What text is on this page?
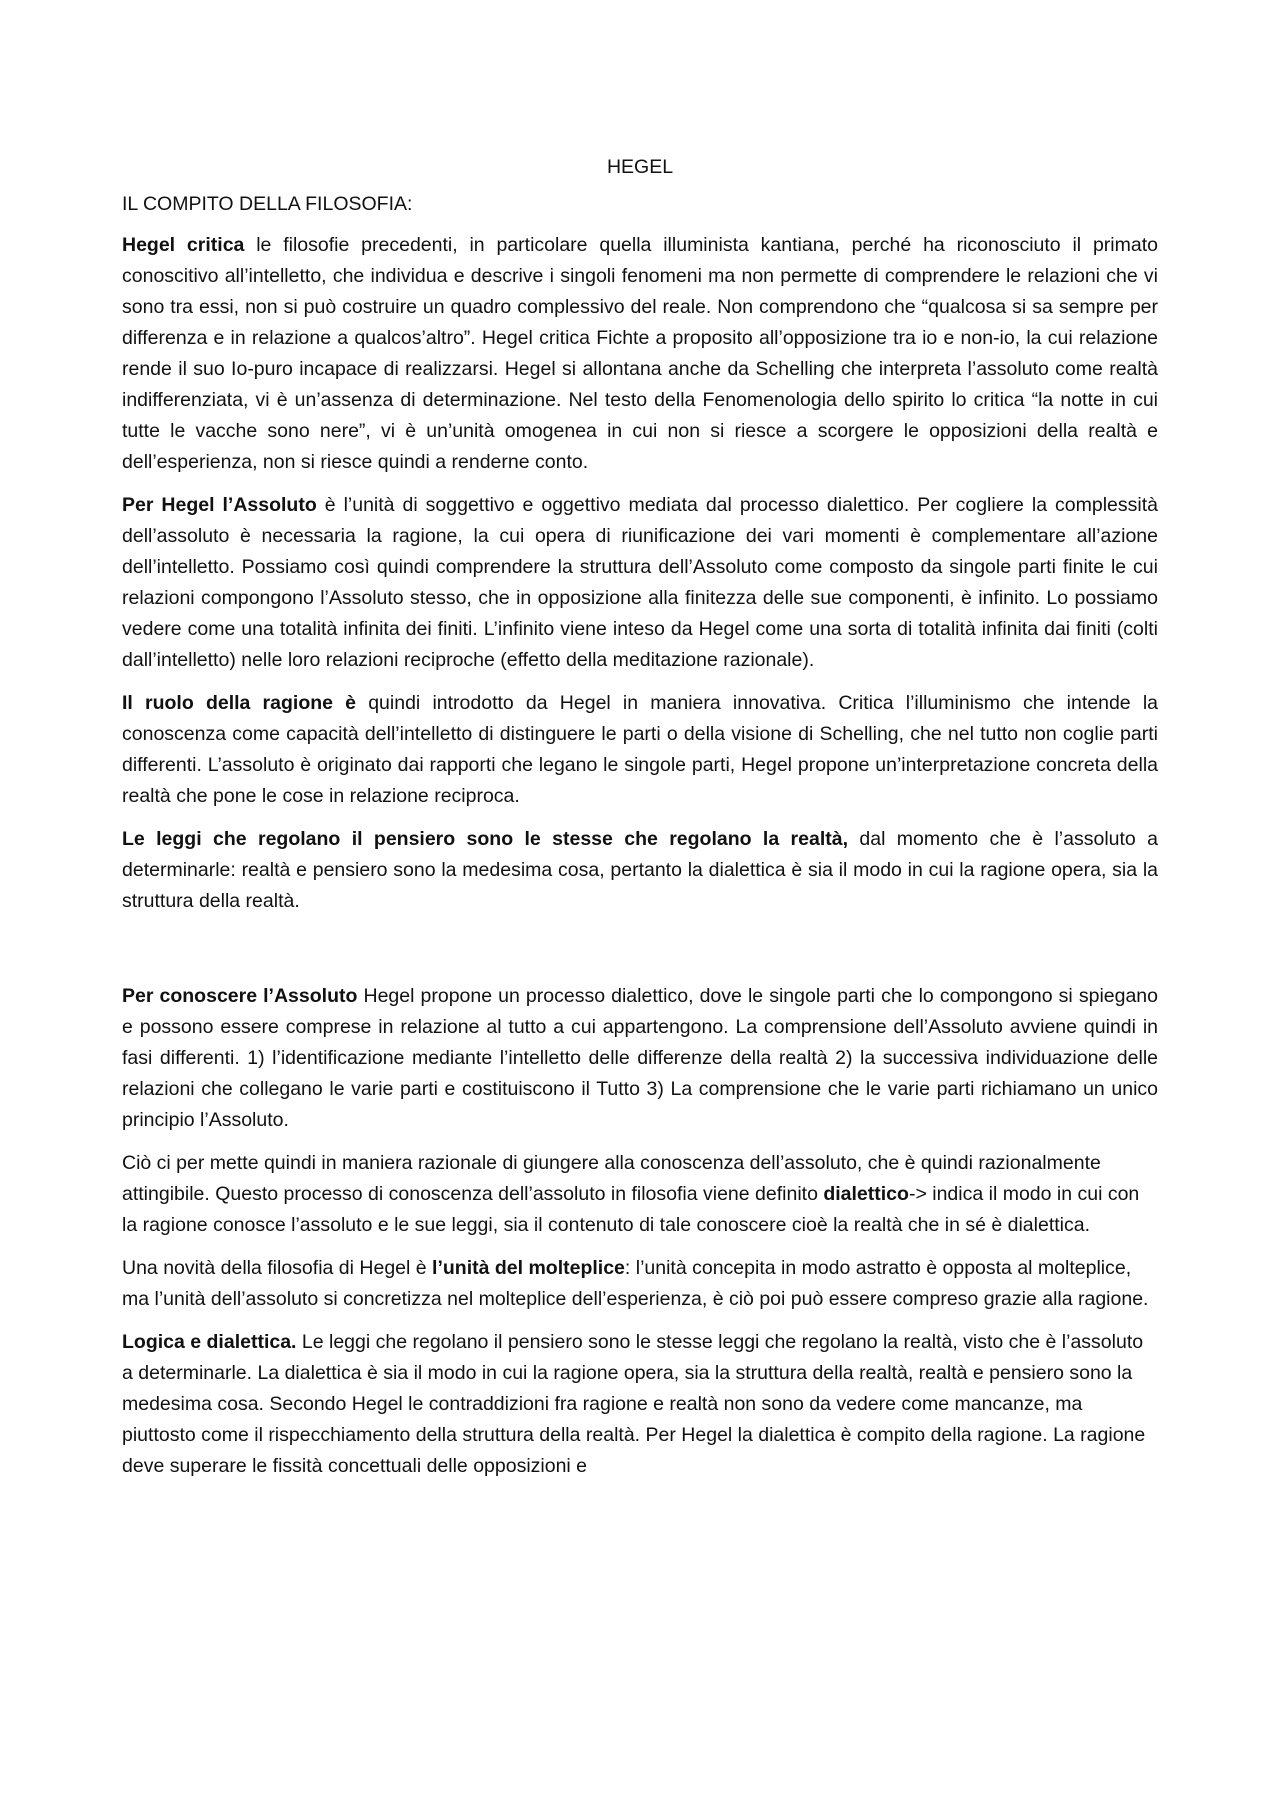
HEGEL
IL COMPITO DELLA FILOSOFIA:

Hegel critica le filosofie precedenti, in particolare quella illuminista kantiana, perché ha riconosciuto il primato conoscitivo all’intelletto, che individua e descrive i singoli fenomeni ma non permette di comprendere le relazioni che vi sono tra essi, non si può costruire un quadro complessivo del reale. Non comprendono che “qualcosa si sa sempre per differenza e in relazione a qualcos’altro”. Hegel critica Fichte a proposito all’opposizione tra io e non-io, la cui relazione rende il suo Io-puro incapace di realizzarsi. Hegel si allontana anche da Schelling che interpreta l’assoluto come realtà indifferenziata, vi è un’assenza di determinazione. Nel testo della Fenomenologia dello spirito lo critica “la notte in cui tutte le vacche sono nere”, vi è un’unità omogenea in cui non si riesce a scorgere le opposizioni della realtà e dell’esperienza, non si riesce quindi a renderne conto.

Per Hegel l’Assoluto è l’unità di soggettivo e oggettivo mediata dal processo dialettico. Per cogliere la complessità dell’assoluto è necessaria la ragione, la cui opera di riunificazione dei vari momenti è complementare all’azione dell’intelletto. Possiamo così quindi comprendere la struttura dell’Assoluto come composto da singole parti finite le cui relazioni compongono l’Assoluto stesso, che in opposizione alla finitezza delle sue componenti, è infinito. Lo possiamo vedere come una totalità infinita dei finiti. L’infinito viene inteso da Hegel come una sorta di totalità infinita dai finiti (colti dall’intelletto) nelle loro relazioni reciproche (effetto della meditazione razionale).

Il ruolo della ragione è quindi introdotto da Hegel in maniera innovativa. Critica l’illuminismo che intende la conoscenza come capacità dell’intelletto di distinguere le parti o della visione di Schelling, che nel tutto non coglie parti differenti. L’assoluto è originato dai rapporti che legano le singole parti, Hegel propone un’interpretazione concreta della realtà che pone le cose in relazione reciproca.

Le leggi che regolano il pensiero sono le stesse che regolano la realtà, dal momento che è l’assoluto a determinarle: realtà e pensiero sono la medesima cosa, pertanto la dialettica è sia il modo in cui la ragione opera, sia la struttura della realtà.

Per conoscere l’Assoluto Hegel propone un processo dialettico, dove le singole parti che lo compongono si spiegano e possono essere comprese in relazione al tutto a cui appartengono. La comprensione dell’Assoluto avviene quindi in fasi differenti. 1) l’identificazione mediante l’intelletto delle differenze della realtà 2) la successiva individuazione delle relazioni che collegano le varie parti e costituiscono il Tutto 3) La comprensione che le varie parti richiamano un unico principio l’Assoluto.

Ciò ci per mette quindi in maniera razionale di giungere alla conoscenza dell’assoluto, che è quindi razionalmente attingibile. Questo processo di conoscenza dell’assoluto in filosofia viene definito dialettico-> indica il modo in cui con la ragione conosce l’assoluto e le sue leggi, sia il contenuto di tale conoscere cioè la realtà che in sé è dialettica.

Una novità della filosofia di Hegel è l’unità del molteplice: l’unità concepita in modo astratto è opposta al molteplice, ma l’unità dell’assoluto si concretizza nel molteplice dell’esperienza, è ciò poi può essere compreso grazie alla ragione.

Logica e dialettica. Le leggi che regolano il pensiero sono le stesse leggi che regolano la realtà, visto che è l’assoluto a determinarle. La dialettica è sia il modo in cui la ragione opera, sia la struttura della realtà, realtà e pensiero sono la medesima cosa. Secondo Hegel le contraddizioni fra ragione e realtà non sono da vedere come mancanze, ma piuttosto come il rispecchiamento della struttura della realtà. Per Hegel la dialettica è compito della ragione. La ragione deve superare le fissità concettuali delle opposizioni e
